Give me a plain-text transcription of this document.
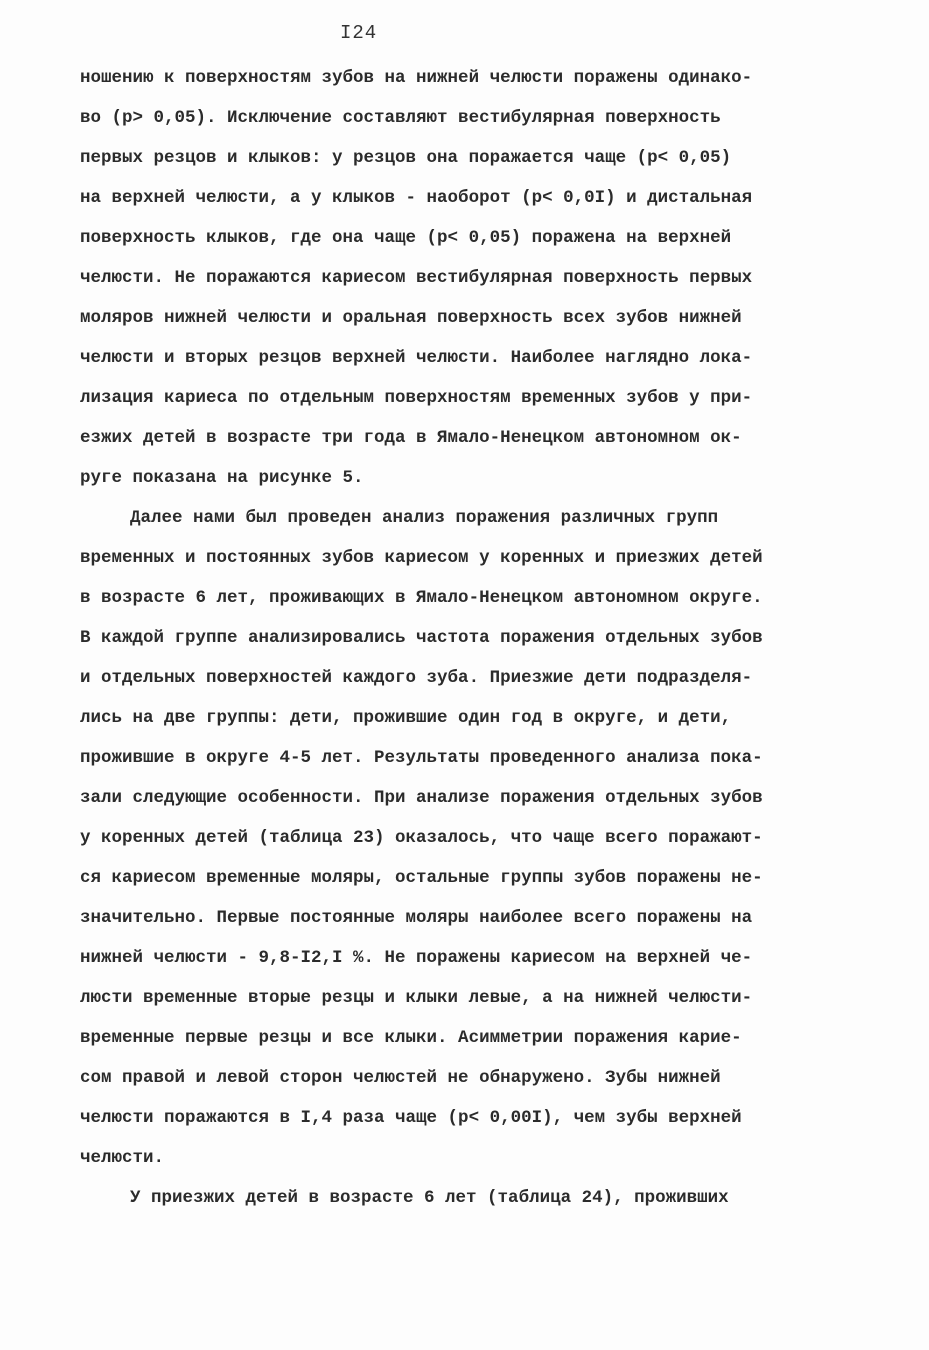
I24
ношению к поверхностям зубов на нижней челюсти поражены одинако-
во (p> 0,05). Исключение составляют вестибулярная поверхность
первых резцов и клыков: у резцов она поражается чаще (p< 0,05)
на верхней челюсти, а у клыков - наоборот (p< 0,0I) и дистальная
поверхность клыков, где она чаще (p< 0,05) поражена на верхней
челюсти. Не поражаются кариесом вестибулярная поверхность первых
моляров нижней челюсти и оральная поверхность всех зубов нижней
челюсти и вторых резцов верхней челюсти. Наиболее наглядно лока-
лизация кариеса по отдельным поверхностям временных зубов у при-
езжих детей в возрасте три года в Ямало-Ненецком автономном ок-
руге показана на рисунке 5.
Далее нами был проведен анализ поражения различных групп
временных и постоянных зубов кариесом у коренных и приезжих детей
в возрасте 6 лет, проживающих в Ямало-Ненецком автономном округе.
В каждой группе анализировались частота поражения отдельных зубов
и отдельных поверхностей каждого зуба. Приезжие дети подразделя-
лись на две группы: дети, прожившие один год в округе, и дети,
прожившие в округе 4-5 лет. Результаты проведенного анализа пока-
зали следующие особенности. При анализе поражения отдельных зубов
у коренных детей (таблица 23) оказалось, что чаще всего поражают-
ся кариесом временные моляры, остальные группы зубов поражены не-
значительно. Первые постоянные моляры наиболее всего поражены на
нижней челюсти - 9,8-I2,I %. Не поражены кариесом на верхней че-
люсти временные вторые резцы и клыки левые, а на нижней челюсти-
временные первые резцы и все клыки. Асимметрии поражения карие-
сом правой и левой сторон челюстей не обнаружено. Зубы нижней
челюсти поражаются в I,4 раза чаще (p< 0,00I), чем зубы верхней
челюсти.
У приезжих детей в возрасте 6 лет (таблица 24), проживших
